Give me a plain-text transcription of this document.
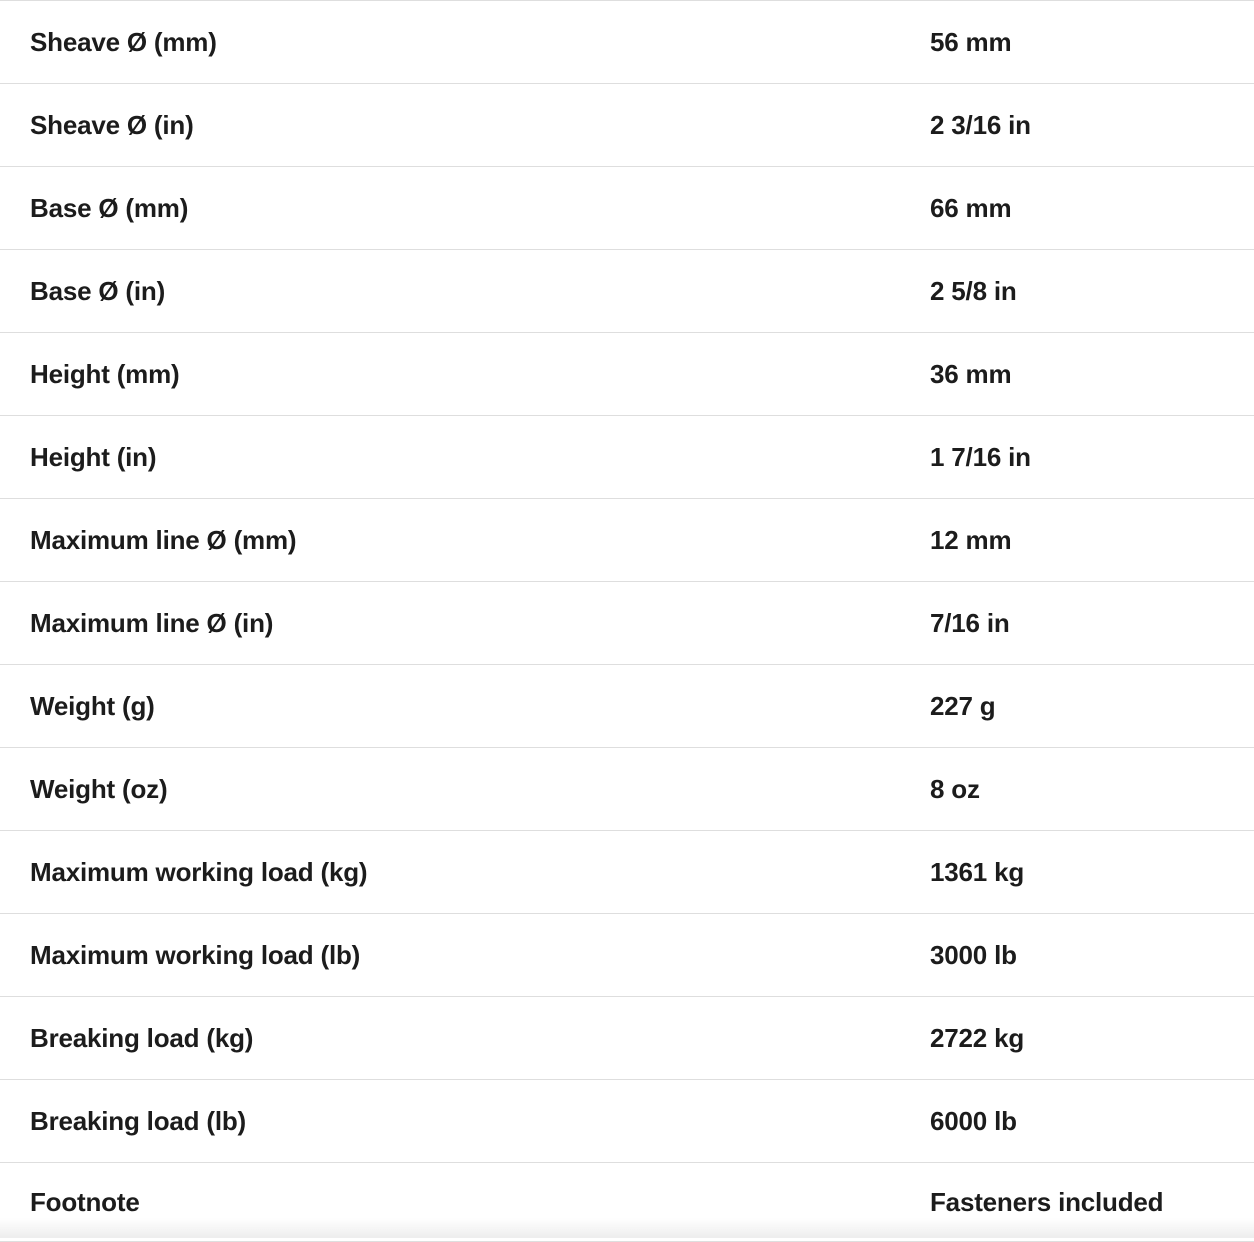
Sheave Ø (mm)	56 mm
Sheave Ø (in)	2 3/16 in
Base Ø (mm)	66 mm
Base Ø (in)	2 5/8 in
Height (mm)	36 mm
Height (in)	1 7/16 in
Maximum line Ø (mm)	12 mm
Maximum line Ø (in)	7/16 in
Weight (g)	227 g
Weight (oz)	8 oz
Maximum working load (kg)	1361 kg
Maximum working load (lb)	3000 lb
Breaking load (kg)	2722 kg
Breaking load (lb)	6000 lb
Footnote	Fasteners included
